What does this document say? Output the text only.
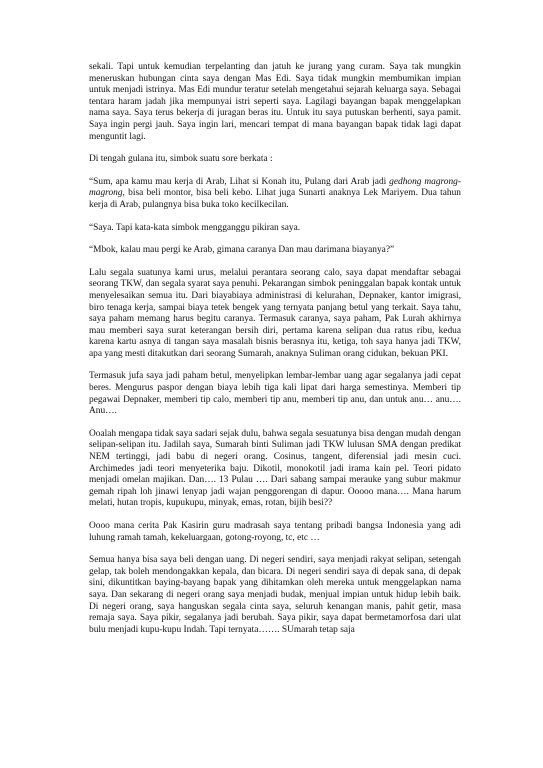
sekali. Tapi untuk kemudian terpelanting dan jatuh ke jurang yang curam. Saya tak mungkin meneruskan hubungan cinta saya dengan Mas Edi. Saya tidak mungkin membumikan impian untuk menjadi istrinya. Mas Edi mundur teratur setelah mengetahui sejarah keluarga saya. Sebagai tentara haram jadah jika mempunyai istri seperti saya. Lagilagi bayangan bapak menggelapkan nama saya. Saya terus bekerja di juragan beras itu. Untuk itu saya putuskan berhenti, saya pamit. Saya ingin pergi jauh. Saya ingin lari, mencari tempat di mana bayangan bapak tidak lagi dapat menguntit lagi.

Di tengah gulana itu, simbok suatu sore berkata :

“Sum, apa kamu mau kerja di Arab, Lihat si Konah itu, Pulang dari Arab jadi gedhong magrong-magrong, bisa beli montor, bisa beli kebo. Lihat juga Sunarti anaknya Lek Mariyem. Dua tahun kerja di Arab, pulangnya bisa buka toko kecilkecilan.

“Saya. Tapi kata-kata simbok mengganggu pikiran saya.

“Mbok, kalau mau pergi ke Arab, gimana caranya Dan mau darimana biayanya?”

Lalu segala suatunya kami urus, melalui perantara seorang calo, saya dapat mendaftar sebagai seorang TKW, dan segala syarat saya penuhi. Pekarangan simbok peninggalan bapak kontak untuk menyelesaikan semua itu. Dari biayabiaya administrasi di kelurahan, Depnaker, kantor imigrasi, biro tenaga kerja, sampai biaya tetek bengek yang ternyata panjang betul yang terkait. Saya tahu, saya paham memang harus begitu caranya. Termasuk caranya, saya paham, Pak Lurah akhirnya mau memberi saya surat keterangan bersih diri, pertama karena selipan dua ratus ribu, kedua karena kartu asnya di tangan saya masalah bisnis berasnya itu, ketiga, toh saya hanya jadi TKW, apa yang mesti ditakutkan dari seorang Sumarah, anaknya Suliman orang cidukan, bekuan PKI.

Termasuk jufa saya jadi paham betul, menyelipkan lembar-lembar uang agar segalanya jadi cepat beres. Mengurus paspor dengan biaya lebih tiga kali lipat dari harga semestinya. Memberi tip pegawai Depnaker, memberi tip calo, memberi tip anu, memberi tip anu, dan untuk anu… anu…. Anu….

Ooalah mengapa tidak saya sadari sejak dulu, bahwa segala sesuatunya bisa dengan mudah dengan selipan-selipan itu. Jadilah saya, Sumarah binti Suliman jadi TKW lulusan SMA dengan predikat NEM tertinggi, jadi babu di negeri orang. Cosinus, tangent, diferensial jadi mesin cuci. Archimedes jadi teori menyeterika baju. Dikotil, monokotil jadi irama kain pel. Teori pidato menjadi omelan majikan. Dan…. 13 Pulau …. Dari sabang sampai merauke yang subur makmur gemah ripah loh jinawi lenyap jadi wajan penggorengan di dapur. Ooooo mana…. Mana harum melati, hutan tropis, kupukupu, minyak, emas, rotan, bijih besi??

Oooo mana cerita Pak Kasirin guru madrasah saya tentang pribadi bangsa Indonesia yang adi luhung ramah tamah, kekeluargaan, gotong-royong, tc, etc …

Semua hanya bisa saya beli dengan uang. Di negeri sendiri, saya menjadi rakyat selipan, setengah gelap, tak boleh mendongakkan kepala, dan bicara. Di negeri sendiri saya di depak sana, di depak sini, dikuntitkan baying-bayang bapak yang dihitamkan oleh mereka untuk menggelapkan nama saya. Dan sekarang di negeri orang saya menjadi budak, menjual impian untuk hidup lebih baik. Di negeri orang, saya hanguskan segala cinta saya, seluruh kenangan manis, pahit getir, masa remaja saya. Saya pikir, segalanya jadi berubah. Saya pikir, saya dapat bermetamorfosa dari ulat bulu menjadi kupu-kupu Indah. Tapi ternyata……. SUmarah tetap saja
